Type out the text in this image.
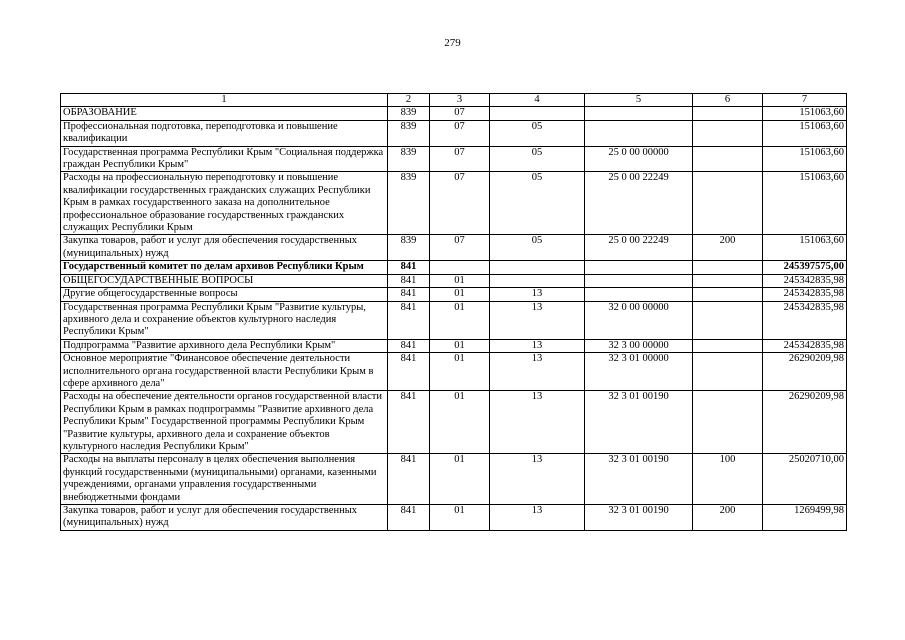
279
1	2	3	4	5	6	7
ОБРАЗОВАНИЕ	839	07				151063,60
Профессиональная подготовка, переподготовка и повышение квалификации	839	07	05			151063,60
Государственная программа Республики Крым "Социальная поддержка граждан Республики Крым"	839	07	05	25 0 00 00000		151063,60
Расходы на профессиональную переподготовку и повышение квалификации государственных гражданских служащих Республики Крым в рамках государственного заказа на дополнительное профессиональное образование государственных гражданских служащих Республики Крым	839	07	05	25 0 00 22249		151063,60
Закупка товаров, работ и услуг для обеспечения государственных (муниципальных) нужд	839	07	05	25 0 00 22249	200	151063,60
Государственный комитет по делам архивов Республики Крым	841					245397575,00
ОБЩЕГОСУДАРСТВЕННЫЕ ВОПРОСЫ	841	01				245342835,98
Другие общегосударственные вопросы	841	01	13			245342835,98
Государственная программа Республики Крым "Развитие культуры, архивного дела и сохранение объектов культурного наследия Республики Крым"	841	01	13	32 0 00 00000		245342835,98
Подпрограмма "Развитие архивного дела Республики Крым"	841	01	13	32 3 00 00000		245342835,98
Основное мероприятие "Финансовое обеспечение деятельности исполнительного органа государственной власти Республики Крым в сфере архивного дела"	841	01	13	32 3 01 00000		26290209,98
Расходы на обеспечение деятельности органов государственной власти Республики Крым в рамках подпрограммы "Развитие архивного дела Республики Крым" Государственной программы Республики Крым "Развитие культуры, архивного дела и сохранение объектов культурного наследия Республики Крым"	841	01	13	32 3 01 00190		26290209,98
Расходы на выплаты персоналу в целях обеспечения выполнения функций государственными (муниципальными) органами, казенными учреждениями, органами управления государственными внебюджетными фондами	841	01	13	32 3 01 00190	100	25020710,00
Закупка товаров, работ и услуг для обеспечения государственных (муниципальных) нужд	841	01	13	32 3 01 00190	200	1269499,98
